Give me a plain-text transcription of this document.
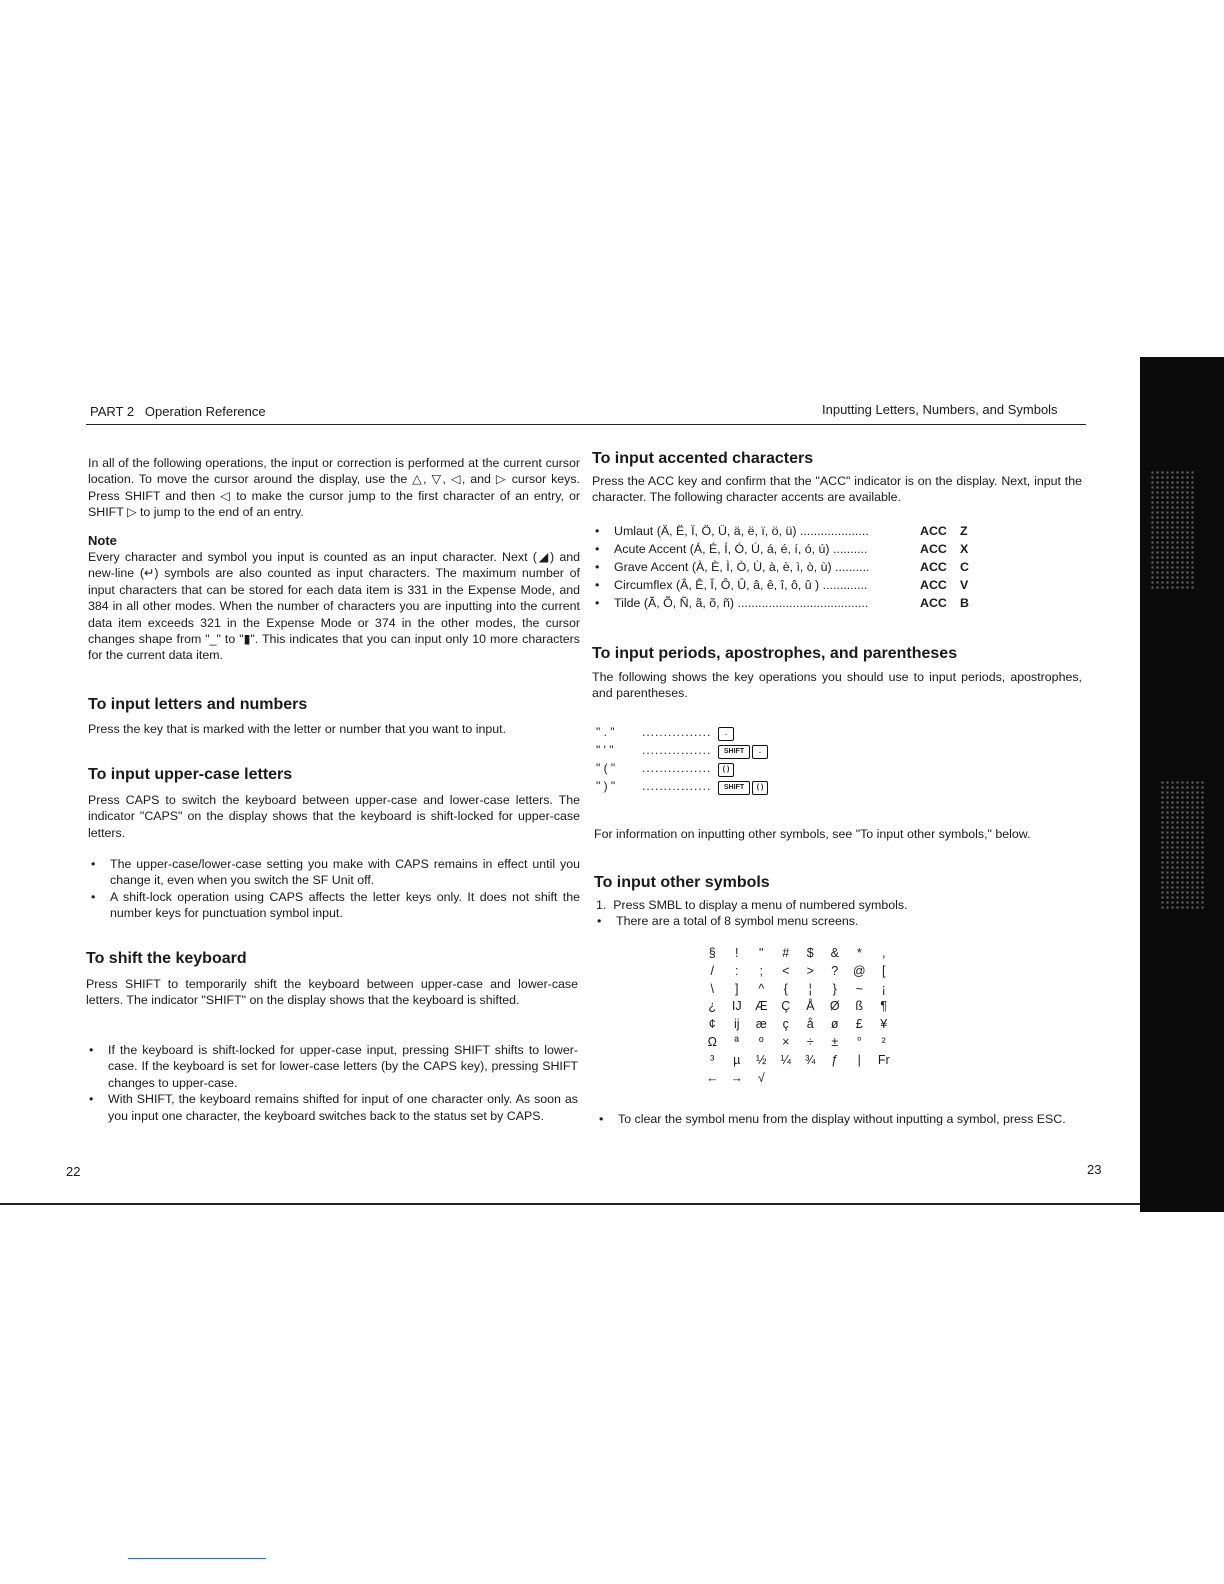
PART 2   Operation Reference	Inputting Letters, Numbers, and Symbols
In all of the following operations, the input or correction is performed at the current cursor location. To move the cursor around the display, use the △, ▽, ◁, and ▷ cursor keys. Press SHIFT and then ◁ to make the cursor jump to the first character of an entry, or SHIFT ▷ to jump to the end of an entry.
Note
Every character and symbol you input is counted as an input character. Next (◢) and new-line (↵) symbols are also counted as input characters. The maximum number of input characters that can be stored for each data item is 331 in the Expense Mode, and 384 in all other modes. When the number of characters you are inputting into the current data item exceeds 321 in the Expense Mode or 374 in the other modes, the cursor changes shape from "_" to "▮". This indicates that you can input only 10 more characters for the current data item.
To input letters and numbers
Press the key that is marked with the letter or number that you want to input.
To input upper-case letters
Press CAPS to switch the keyboard between upper-case and lower-case letters. The indicator "CAPS" on the display shows that the keyboard is shift-locked for upper-case letters.
• The upper-case/lower-case setting you make with CAPS remains in effect until you change it, even when you switch the SF Unit off.
• A shift-lock operation using CAPS affects the letter keys only. It does not shift the number keys for punctuation symbol input.
To shift the keyboard
Press SHIFT to temporarily shift the keyboard between upper-case and lower-case letters. The indicator "SHIFT" on the display shows that the keyboard is shifted.
• If the keyboard is shift-locked for upper-case input, pressing SHIFT shifts to lower-case. If the keyboard is set for lower-case letters (by the CAPS key), pressing SHIFT changes to upper-case.
• With SHIFT, the keyboard remains shifted for input of one character only. As soon as you input one character, the keyboard switches back to the status set by CAPS.
22
To input accented characters
Press the ACC key and confirm that the "ACC" indicator is on the display. Next, input the character. The following character accents are available.
• Umlaut (Ä, Ë, Ï, Ö, Ü, ä, ë, ï, ö, ü) ....................	ACC Z
• Acute Accent (Á, É, Í, Ó, Ú, á, é, í, ó, ú) ..........	ACC X
• Grave Accent (À, È, Ì, Ò, Ù, à, è, ì, ò, ù) ..........	ACC C
• Circumflex (Â, Ê, Î, Ô, Û, â, ê, î, ô, û ) .............	ACC V
• Tilde (Ã, Õ, Ñ, ã, õ, ñ) ......................................	ACC B
To input periods, apostrophes, and parentheses
The following shows the key operations you should use to input periods, apostrophes, and parentheses.
" . " ................	.
" ' " ................	SHIFT	.
" ( " ................	( )
" ) " ................	SHIFT	( )
For information on inputting other symbols, see "To input other symbols," below.
To input other symbols
1.  Press SMBL to display a menu of numbered symbols.
• There are a total of 8 symbol menu screens.
§	!	"	#	$	&	*	,
/	:	;	<	>	?	@	[
\	]	^	{	¦	}	~	¡
¿	IJ	Æ	Ç	Å	Ø	ß	¶
¢	ij	æ	ç	å	ø	£	¥
Ω	ª	º	×	÷	±	°	²
³	µ	½	¼	¾	ƒ	|	Fr
← →	√
• To clear the symbol menu from the display without inputting a symbol, press ESC.
23
